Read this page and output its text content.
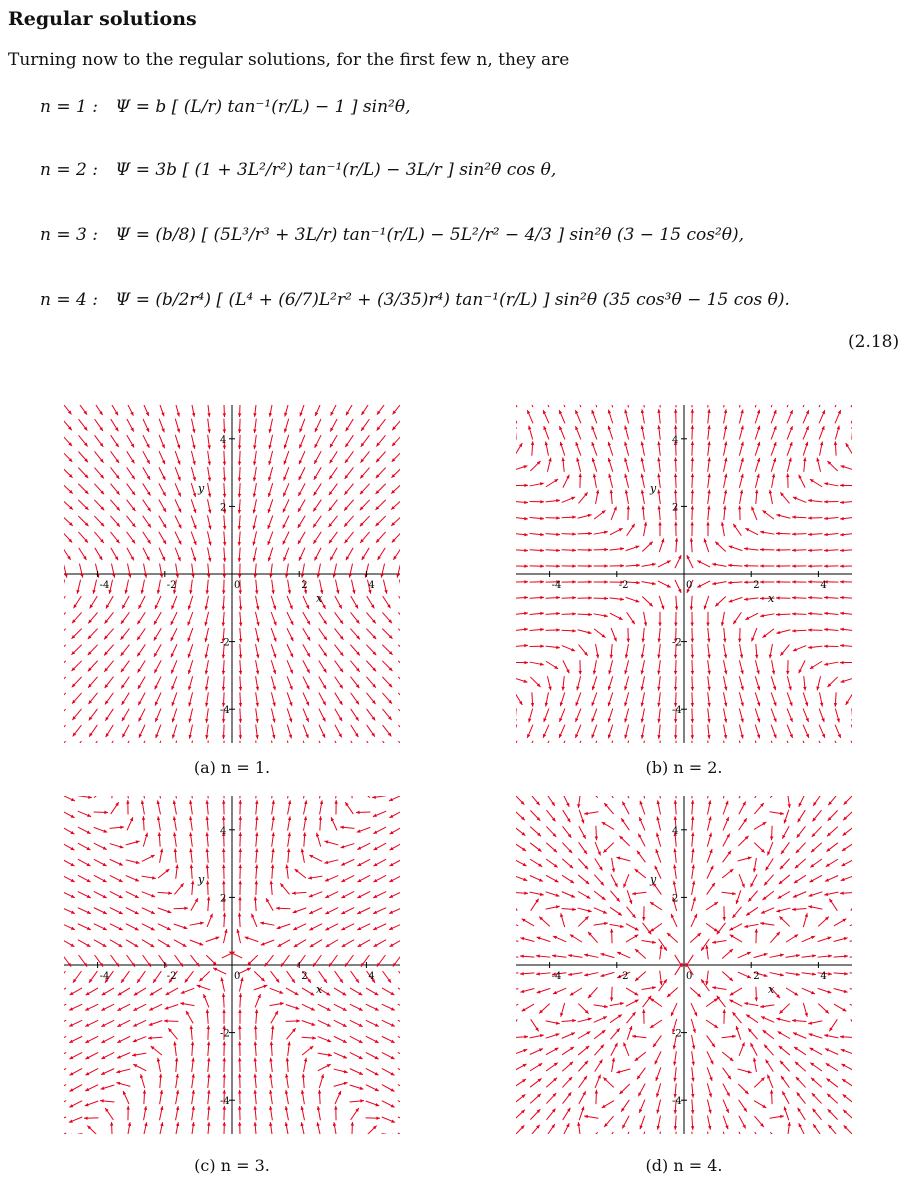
Regular solutions

Turning now to the regular solutions, for the first few n, they are

n = 1 : Ψ = b [ (L/r) tan⁻¹(r/L) − 1 ] sin²θ,
n = 2 : Ψ = 3b [ (1 + 3L²/r²) tan⁻¹(r/L) − 3L/r ] sin²θ cos θ,
n = 3 : Ψ = (b/8) [ (5L³/r³ + 3L/r) tan⁻¹(r/L) − 5L²/r² − 4/3 ] sin²θ (3 − 15 cos²θ),
n = 4 : Ψ = (b/2r⁴) [ (L⁴ + (6/7)L²r² + (3/35)r⁴) tan⁻¹(r/L) ] sin²θ (35 cos³θ − 15 cos θ).
(2.18)
-4	-2	0	2	4
4
2
-2
-4
x
y
(a) n = 1.
-4	-2	0	2	4
4
2
-2
-4
x
y
(b) n = 2.
-4	-2	0	2	4
4
2
-2
-4
x
y
(c) n = 3.
-4	-2	0	2	4
4
2
-2
-4
x
y
(d) n = 4.
